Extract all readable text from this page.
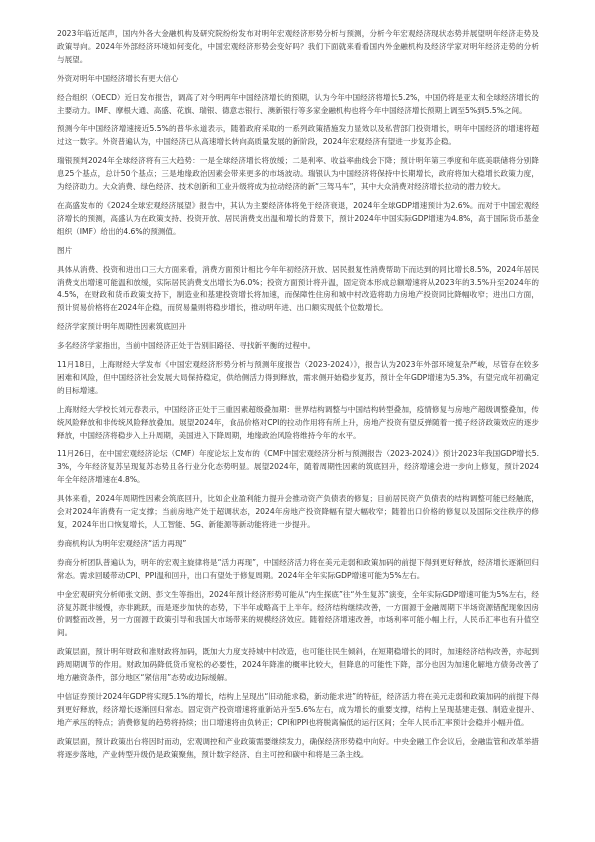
2023年临近尾声，国内外各大金融机构及研究院纷纷发布对明年宏观经济形势分析与预测，分析今年宏观经济现状态势并展望明年经济走势及政策导向。2024年外部经济环境如何变化，中国宏观经济形势会变好吗？我们下面就来看看国内外金融机构及经济学家对明年经济走势的分析与展望。

外资对明年中国经济增长有更大信心

经合组织（OECD）近日发布报告，调高了对今明两年中国经济增长的预期，认为今年中国经济将增长5.2%，中国仍将是亚太和全球经济增长的主要动力。IMF、摩根大通、高盛、花旗、瑞银、德意志银行、澳新银行等多家金融机构也将今年中国经济增长预期上调至5%到5.5%之间。

预测今年中国经济增速接近5.5%的普华永道表示，随着政府采取的一系列政策措施发力显效以及私营部门投资增长，明年中国经济的增速将超过这一数字。外资普遍认为，中国经济已从高速增长转向高质量发展的新阶段，2024年宏观经济有望进一步复苏企稳。

瑞银预判2024年全球经济将有三大趋势：一是全球经济增长将放缓；二是利率、收益率曲线会下降；预计明年第三季度和年底美联储将分别降息25个基点，总计50个基点；三是地缘政治因素会带来更多的市场波动。瑞银认为中国经济将保持中长期增长，政府将加大稳增长政策力度，为经济助力。大众消费、绿色经济、技术创新和工业升级将成为拉动经济的新“三驾马车”，其中大众消费对经济增长拉动的潜力较大。

在高盛发布的《2024全球宏观经济展望》报告中，其认为主要经济体将免于经济衰退，2024年全球GDP增速预计为2.6%。而对于中国宏观经济增长的预测，高盛认为在政策支持、投资开放、居民消费支出温和增长的背景下，预计2024年中国实际GDP增速为4.8%，高于国际货币基金组织（IMF）给出的4.6%的预测值。

图片

具体从消费、投资和进出口三大方面来看，消费方面预计相比今年年初经济开放、居民报复性消费帮助下而达到的同比增长8.5%，2024年居民消费支出增速可能温和放缓，实际居民消费支出增长为6.0%；投资方面预计将升温，固定资本形成总额增速将从2023年的3.5%升至2024年的4.5%，在财政和货币政策支持下，制造业和基建投资增长将加速，而保障性住房和城中村改造将助力房地产投资同比降幅收窄；进出口方面，预计贸易价格将在2024年企稳，而贸易量则将稳步增长，推动明年进、出口额实现低个位数增长。

经济学家预计明年周期性因素筑底回升

多名经济学家指出，当前中国经济正处于告别旧路径、寻找新平衡的过程中。

11月18日，上海财经大学发布《中国宏观经济形势分析与预测年度报告（2023-2024）》，报告认为2023年外部环境复杂严峻，尽管存在较多困难和风险，但中国经济社会发展大局保持稳定，供给侧活力得到释放，需求侧开始稳步复苏，预计全年GDP增速为5.3%，有望完成年初确定的目标增速。

上海财经大学校长刘元春表示，中国经济正处于三重因素超级叠加期：世界结构调整与中国结构转型叠加，疫情修复与房地产超级调整叠加，传统风险释放和非传统风险释放叠加。展望2024年，食品价格对CPI的拉动作用将有所上升，房地产投资有望反弹随着一揽子经济政策效应的逐步释放，中国经济将稳步入上升周期，美国进入下降周期，地缘政治风险将维持今年的水平。

11月26日，在中国宏观经济论坛（CMF）年度论坛上发布的《CMF中国宏观经济分析与预测报告（2023-2024）》预计2023年我国GDP增长5.3%，今年经济复苏呈现复苏态势且各行业分化态势明显。展望2024年，随着周期性因素的筑底回升，经济增速会进一步向上修复，预计2024年全年经济增速在4.8%。

具体来看，2024年周期性因素会筑底回升，比如企业盈利能力提升会推动资产负债表的修复；目前居民资产负债表的结构调整可能已经触底，会对2024年消费有一定支撑；当前房地产处于超调状态，2024年房地产投资降幅有望大幅收窄；随着出口价格的修复以及国际交往秩序的修复，2024年出口恢复增长，人工智能、5G、新能源等新动能将进一步提升。

券商机构认为明年宏观经济“活力再现”

券商分析团队普遍认为，明年的宏观主旋律将是“活力再现”，中国经济活力将在美元走弱和政策加码的前提下得到更好释放，经济增长逐渐回归常态。需求回暖带动CPI、PPI温和回升，出口有望处于修复周期。2024年全年实际GDP增速可能为5%左右。

中金宏观研究分析师张文朗、彭文生等指出，2024年预计经济形势可能从“内生探底”往“外生复苏”演变，全年实际GDP增速可能为5%左右，经济复苏既非缓慢，亦非跳跃，而是逐步加快的态势，下半年或略高于上半年。经济结构继续改善，一方面源于金融周期下半场资源错配现象因房价调整而改善，另一方面源于政策引导和我国大市场带来的规模经济效应。随着经济增速改善，市场利率可能小幅上行，人民币汇率也有升值空间。

政策层面，预计明年财政和准财政将加码，既加大力度支持城中村改造，也可能往民生倾斜，在短期稳增长的同时，加速经济结构改善，亦起到跨周期调节的作用。财政加码降低货币宽松的必要性，2024年降准的概率比较大，但降息的可能性下降，部分也因为加速化解地方债务改善了地方融资条件，部分地区“紧信用”态势或边际缓解。

中信证券预计2024年GDP将实现5.1%的增长，结构上呈现出“旧动能求稳，新动能求进”的特征，经济活力将在美元走弱和政策加码的前提下得到更好释放，经济增长逐渐回归常态。固定资产投资增速将重新站升至5.6%左右，成为增长的重要支撑，结构上呈现基建走强、制造业提升、地产承压的特点；消费修复的趋势将持续；出口增速将由负转正；CPI和PPI也将脱离偏低的运行区间；全年人民币汇率预计会稳并小幅升值。

政策层面，预计政策出台将因时而动，宏观调控和产业政策需要继续发力，确保经济形势稳中向好。中央金融工作会议后，金融监管和改革举措将逐步落地，产业转型升级仍是政策聚焦，预计数字经济、自主可控和碳中和将是三条主线。
